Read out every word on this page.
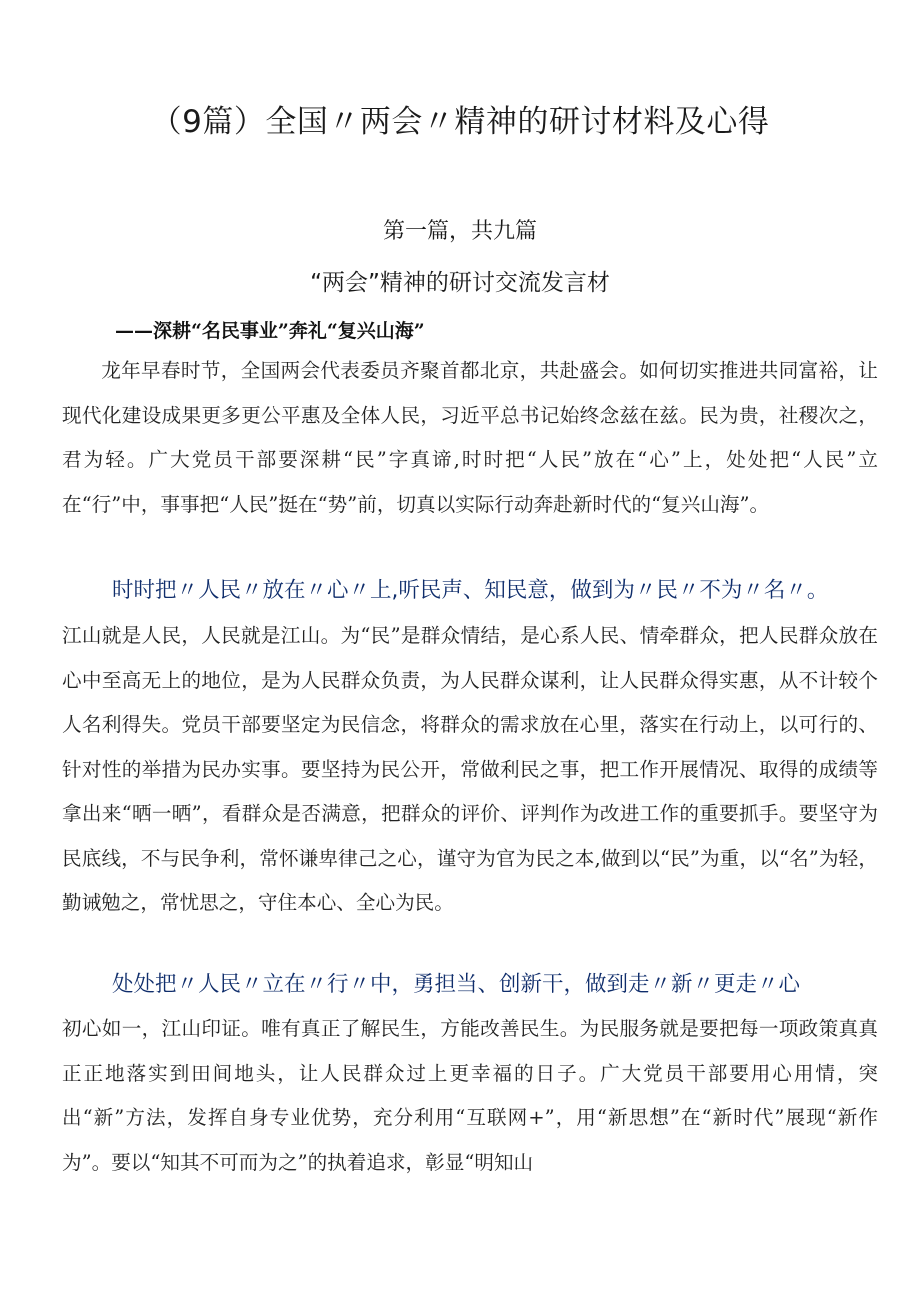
（9篇）全国〃两会〃精神的研讨材料及心得
第一篇，共九篇
“两会”精神的研讨交流发言材
——深耕“名民事业”奔礼“复兴山海”

龙年早春时节，全国两会代表委员齐聚首都北京，共赴盛会。如何切实推进共同富裕，让现代化建设成果更多更公平惠及全体人民，习近平总书记始终念兹在兹。民为贵，社稷次之，君为轻。广大党员干部要深耕“民”字真谛,时时把“人民”放在“心”上，处处把“人民”立在“行”中，事事把“人民”挺在“势”前，切真以实际行动奔赴新时代的“复兴山海”。

时时把〃人民〃放在〃心〃上,听民声、知民意，做到为〃民〃不为〃名〃。

江山就是人民，人民就是江山。为“民”是群众情结，是心系人民、情牵群众，把人民群众放在心中至高无上的地位，是为人民群众负责，为人民群众谋利，让人民群众得实惠，从不计较个人名利得失。党员干部要坚定为民信念，将群众的需求放在心里，落实在行动上，以可行的、针对性的举措为民办实事。要坚持为民公开，常做利民之事，把工作开展情况、取得的成绩等拿出来“晒一晒”，看群众是否满意，把群众的评价、评判作为改进工作的重要抓手。要坚守为民底线，不与民争利，常怀谦卑律己之心，谨守为官为民之本,做到以“民”为重，以“名”为轻，勤诫勉之，常忧思之，守住本心、全心为民。

处处把〃人民〃立在〃行〃中，勇担当、创新干，做到走〃新〃更走〃心

初心如一，江山印证。唯有真正了解民生，方能改善民生。为民服务就是要把每一项政策真真正正地落实到田间地头，让人民群众过上更幸福的日子。广大党员干部要用心用情，突出“新”方法，发挥自身专业优势，充分利用“互联网+”，用“新思想”在“新时代”展现“新作为”。要以“知其不可而为之”的执着追求，彰显“明知山
